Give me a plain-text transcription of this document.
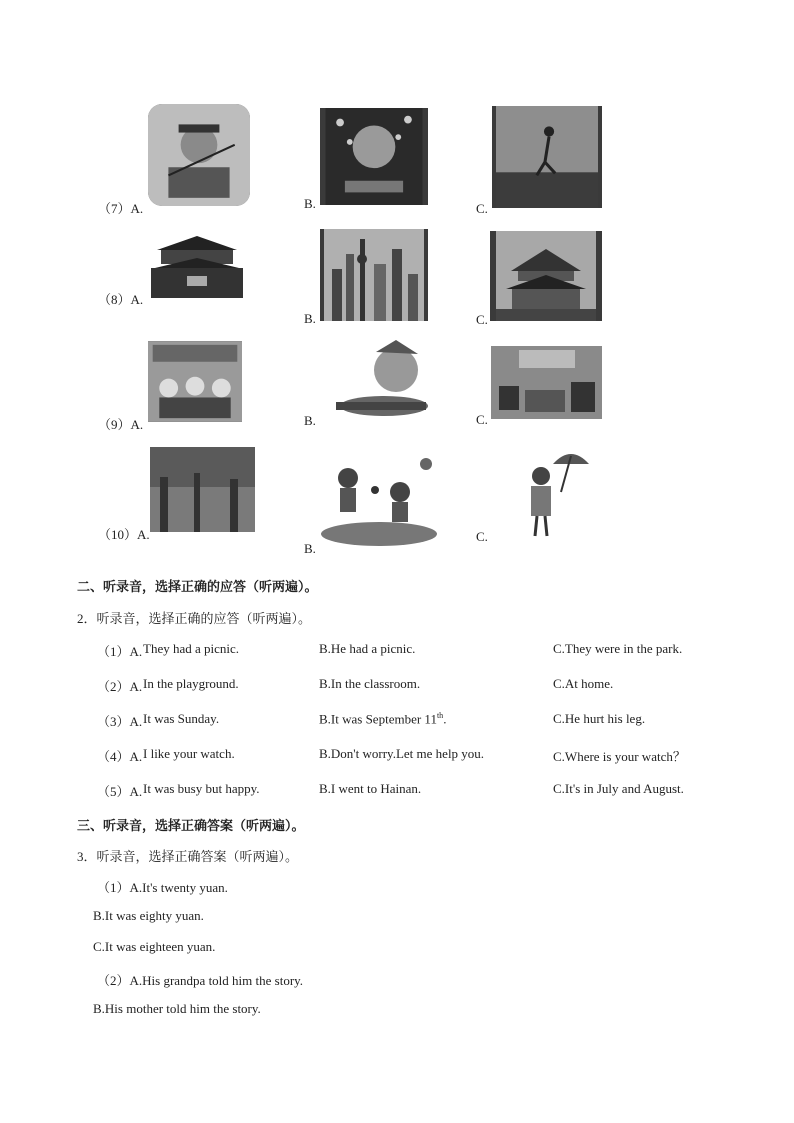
（7）A.	B.	C.
（8）A.
B.	C.
（9）A.	B.	C.
（10）A.
B.
C.
二、听录音，选择正确的应答（听两遍）。
2．听录音，选择正确的应答（听两遍）。
（1）A. They had a picnic.	B.He had a picnic.	C.They were in the park.
（2）A. In the playground.	B.In the classroom.	C.At home.
（3）A. It was Sunday.	B.It was September 11th.	C.He hurt his leg.
（4）A. I like your watch.	B.Don't worry.Let me help you.	C.Where is your watch？
（5）A. It was busy but happy.	B.I went to Hainan.	C.It's in July and August.
三、听录音，选择正确答案（听两遍）。
3．听录音，选择正确答案（听两遍）。
（1）A.It's twenty yuan.
B.It was eighty yuan.
C.It was eighteen yuan.
（2）A.His grandpa told him the story.
B.His mother told him the story.
